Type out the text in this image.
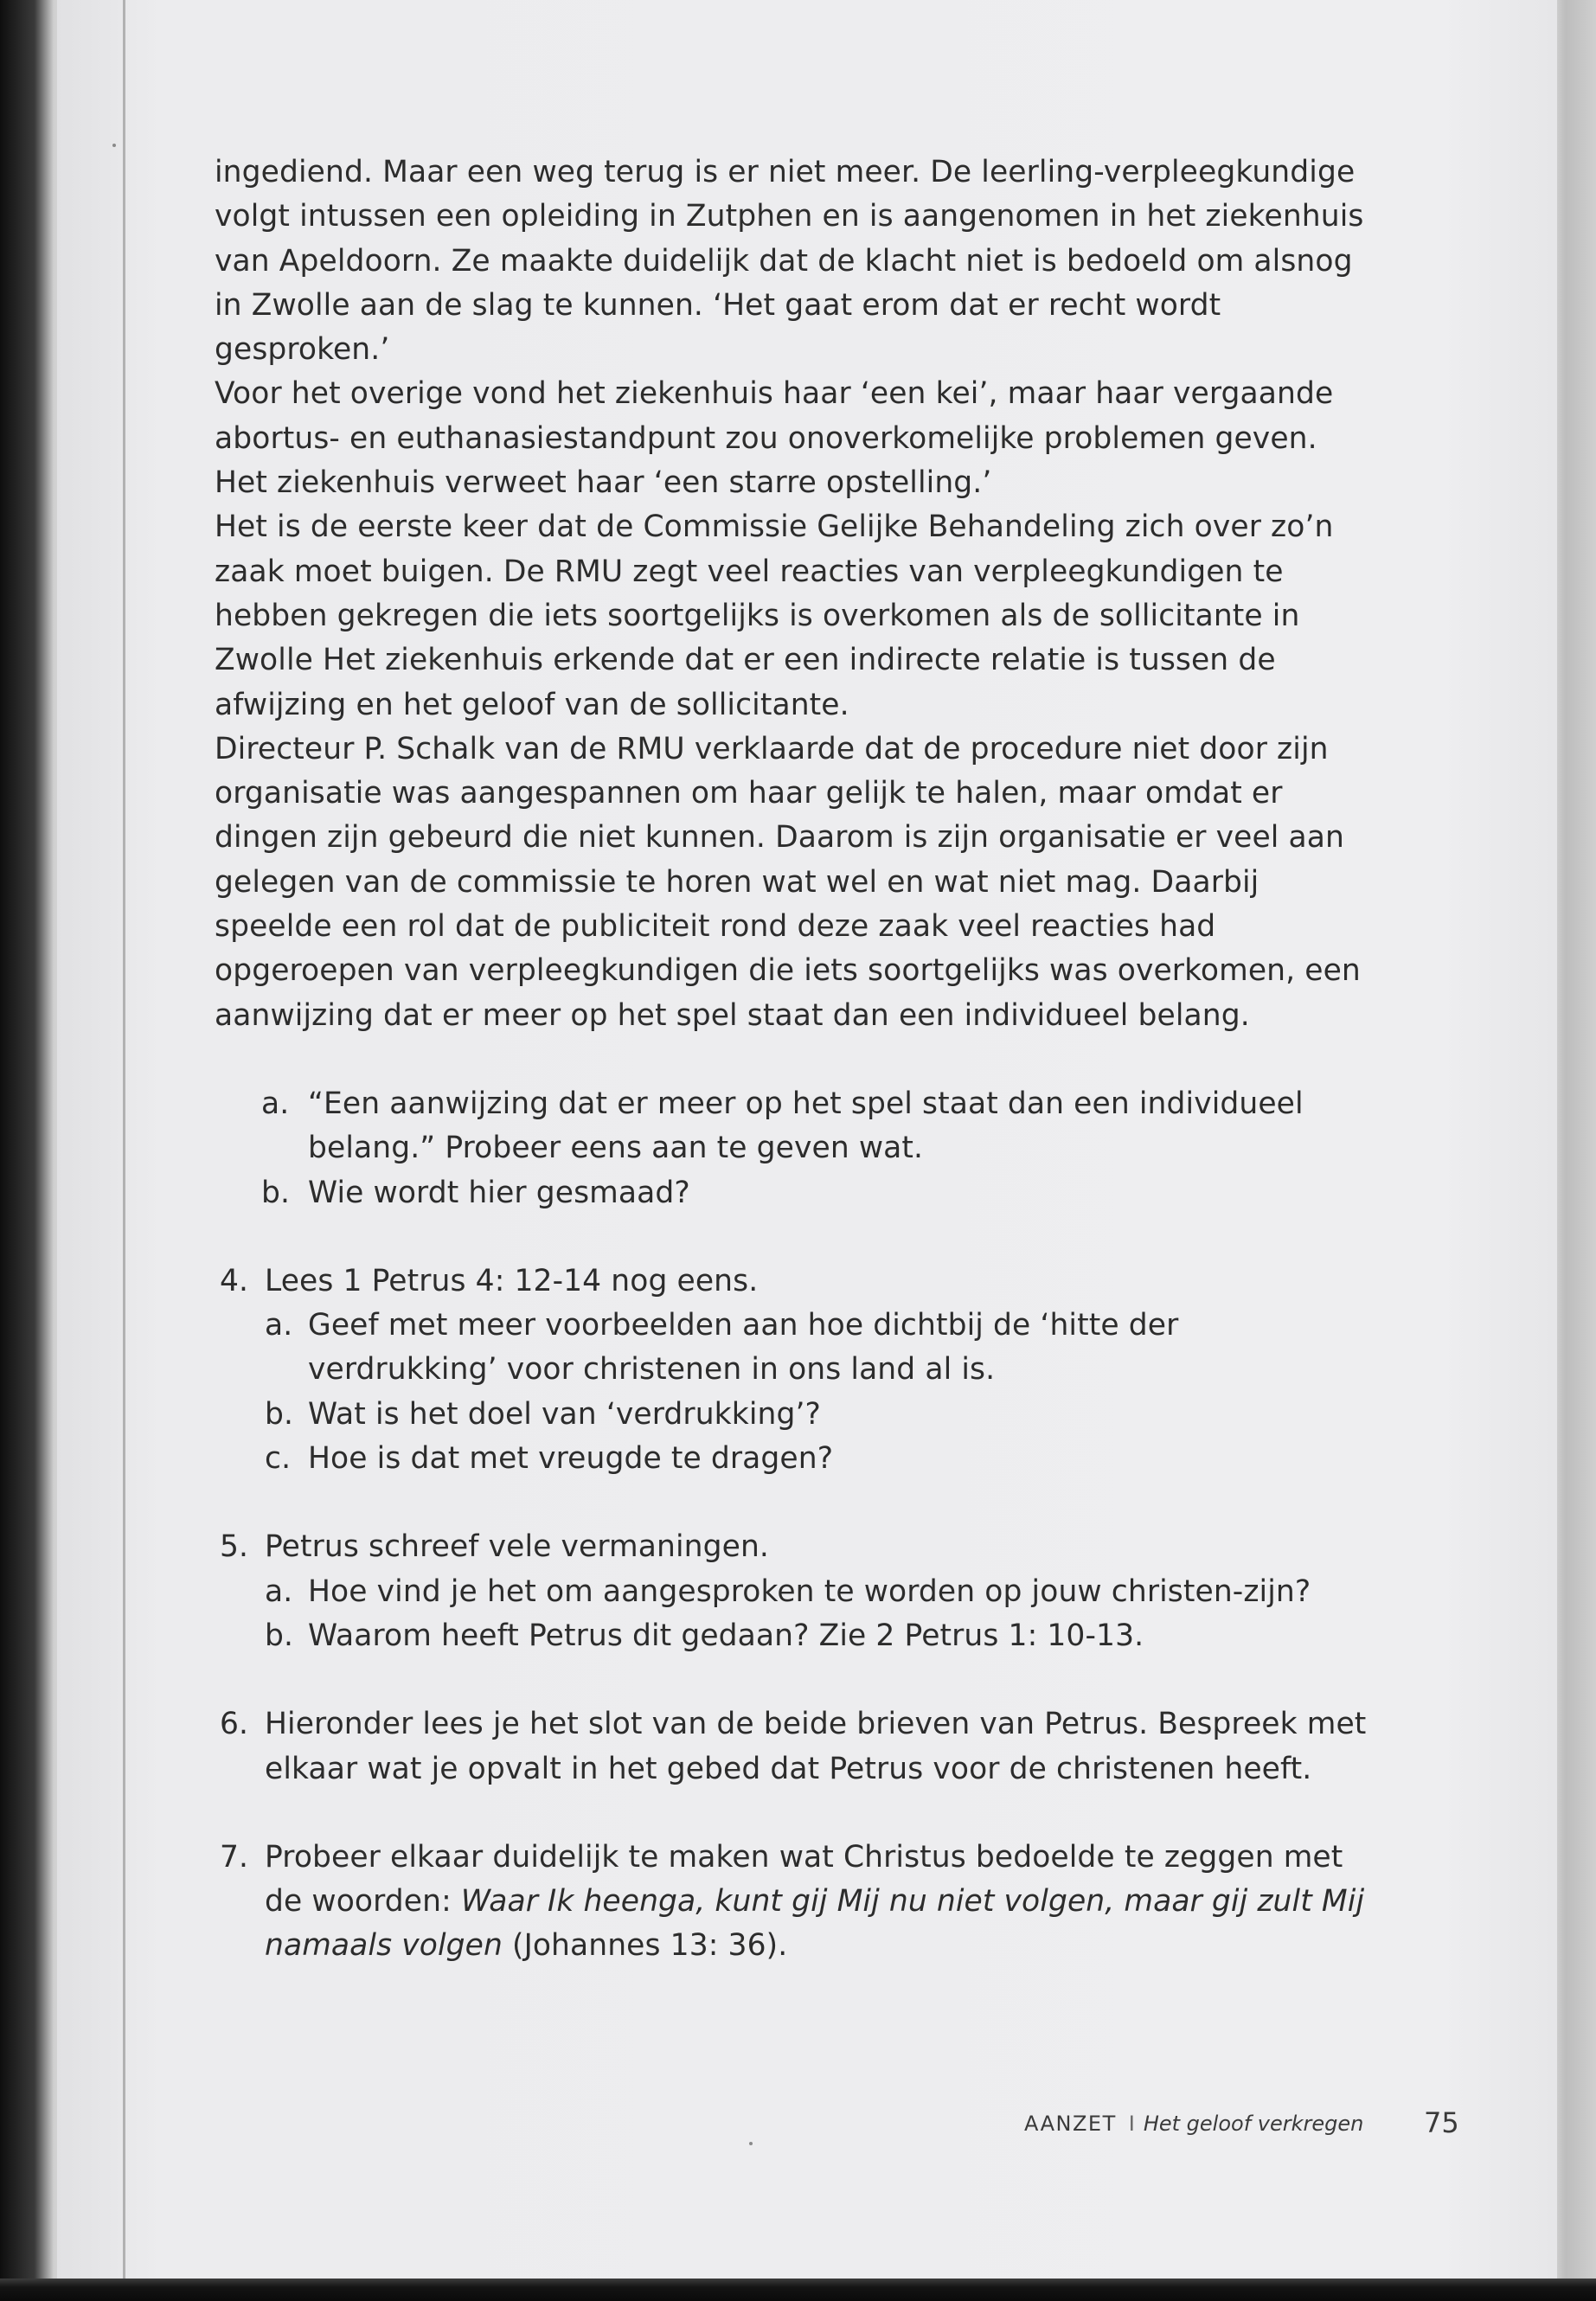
ingediend. Maar een weg terug is er niet meer. De leerling-verpleegkundige volgt intussen een opleiding in Zutphen en is aangenomen in het ziekenhuis van Apeldoorn. Ze maakte duidelijk dat de klacht niet is bedoeld om alsnog in Zwolle aan de slag te kunnen. ‘Het gaat erom dat er recht wordt gesproken.’

Voor het overige vond het ziekenhuis haar ‘een kei’, maar haar vergaande abortus- en euthanasiestandpunt zou onoverkomelijke problemen geven. Het ziekenhuis verweet haar ‘een starre opstelling.’

Het is de eerste keer dat de Commissie Gelijke Behandeling zich over zo’n zaak moet buigen. De RMU zegt veel reacties van verpleegkundigen te hebben gekregen die iets soortgelijks is overkomen als de sollicitante in Zwolle Het ziekenhuis erkende dat er een indirecte relatie is tussen de afwijzing en het geloof van de sollicitante.

Directeur P. Schalk van de RMU verklaarde dat de procedure niet door zijn organisatie was aangespannen om haar gelijk te halen, maar omdat er dingen zijn gebeurd die niet kunnen. Daarom is zijn organisatie er veel aan gelegen van de commissie te horen wat wel en wat niet mag. Daarbij speelde een rol dat de publiciteit rond deze zaak veel reacties had opgeroepen van verpleegkundigen die iets soortgelijks was overkomen, een aanwijzing dat er meer op het spel staat dan een individueel belang.

a. “Een aanwijzing dat er meer op het spel staat dan een individueel belang.” Probeer eens aan te geven wat.
b. Wie wordt hier gesmaad?
4. Lees 1 Petrus 4: 12-14 nog eens.
a. Geef met meer voorbeelden aan hoe dichtbij de ‘hitte der verdrukking’ voor christenen in ons land al is.
b. Wat is het doel van ‘verdrukking’?
c. Hoe is dat met vreugde te dragen?
5. Petrus schreef vele vermaningen.
a. Hoe vind je het om aangesproken te worden op jouw christen-zijn?
b. Waarom heeft Petrus dit gedaan? Zie 2 Petrus 1: 10-13.
6. Hieronder lees je het slot van de beide brieven van Petrus. Bespreek met elkaar wat je opvalt in het gebed dat Petrus voor de christenen heeft.
7. Probeer elkaar duidelijk te maken wat Christus bedoelde te zeggen met de woorden: Waar Ik heenga, kunt gij Mij nu niet volgen, maar gij zult Mij namaals volgen (Johannes 13: 36).
AANZET I Het geloof verkregen 75
